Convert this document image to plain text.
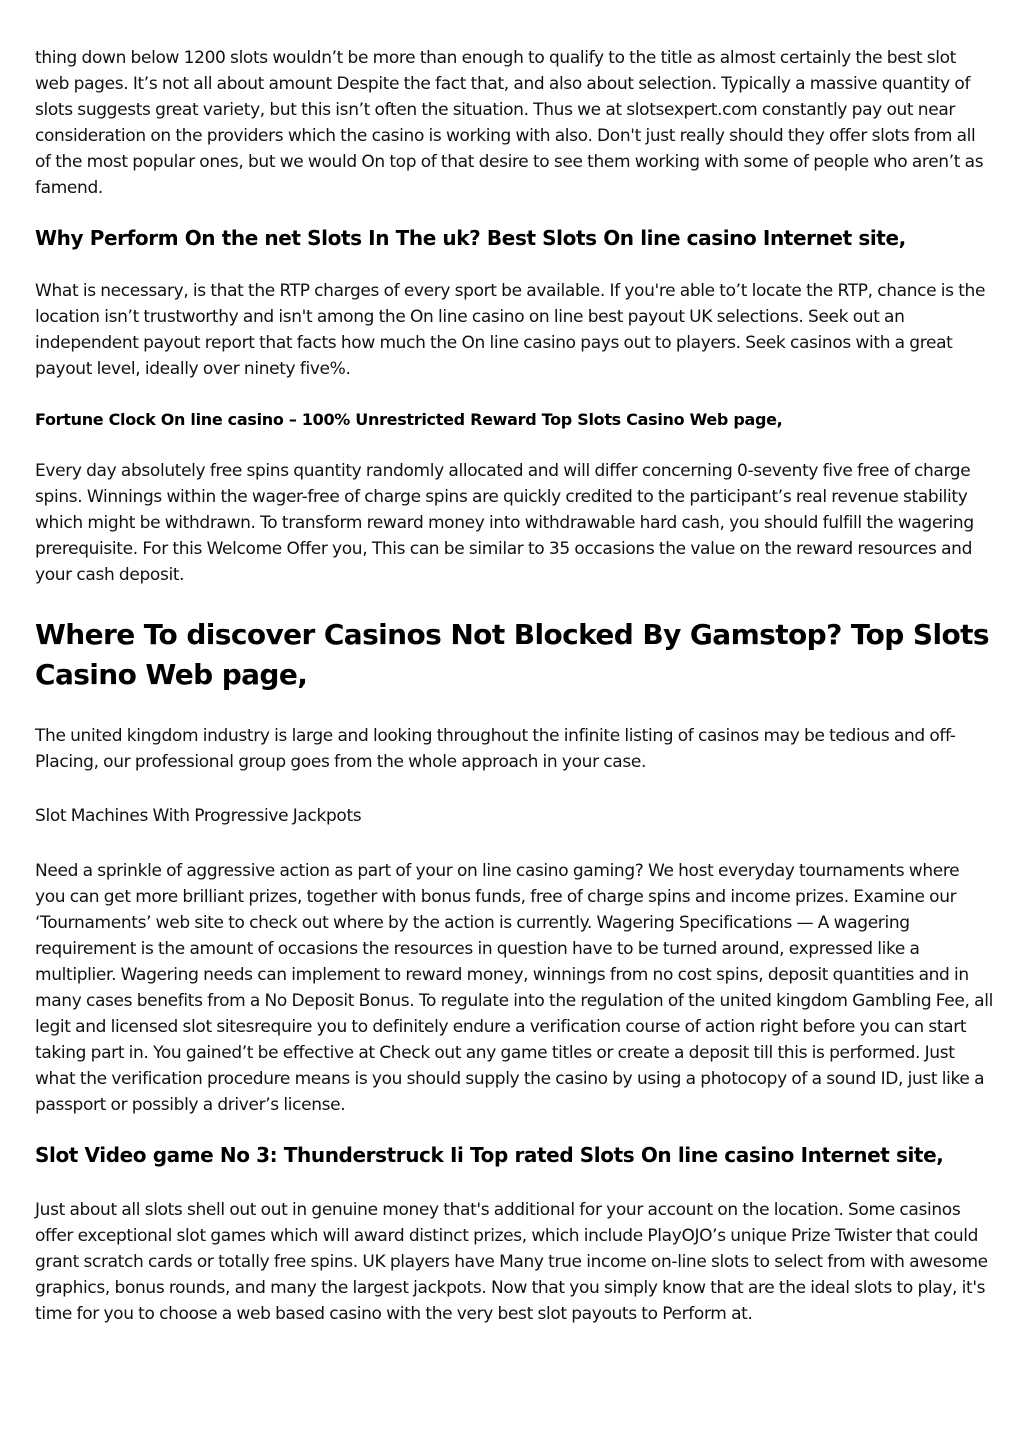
thing down below 1200 slots wouldn’t be more than enough to qualify to the title as almost certainly the best slot web pages. It’s not all about amount Despite the fact that, and also about selection. Typically a massive quantity of slots suggests great variety, but this isn’t often the situation. Thus we at slotsexpert.com constantly pay out near consideration on the providers which the casino is working with also. Don't just really should they offer slots from all of the most popular ones, but we would On top of that desire to see them working with some of people who aren’t as famend.

Why Perform On the net Slots In The uk? Best Slots On line casino Internet site,

What is necessary, is that the RTP charges of every sport be available. If you're able to’t locate the RTP, chance is the location isn’t trustworthy and isn't among the On line casino on line best payout UK selections. Seek out an independent payout report that facts how much the On line casino pays out to players. Seek casinos with a great payout level, ideally over ninety five%.

Fortune Clock On line casino – 100% Unrestricted Reward Top Slots Casino Web page,

Every day absolutely free spins quantity randomly allocated and will differ concerning 0-seventy five free of charge spins. Winnings within the wager-free of charge spins are quickly credited to the participant’s real revenue stability which might be withdrawn. To transform reward money into withdrawable hard cash, you should fulfill the wagering prerequisite. For this Welcome Offer you, This can be similar to 35 occasions the value on the reward resources and your cash deposit.

Where To discover Casinos Not Blocked By Gamstop? Top Slots Casino Web page,

The united kingdom industry is large and looking throughout the infinite listing of casinos may be tedious and off-Placing, our professional group goes from the whole approach in your case.

Slot Machines With Progressive Jackpots

Need a sprinkle of aggressive action as part of your on line casino gaming? We host everyday tournaments where you can get more brilliant prizes, together with bonus funds, free of charge spins and income prizes. Examine our ‘Tournaments’ web site to check out where by the action is currently. Wagering Specifications — A wagering requirement is the amount of occasions the resources in question have to be turned around, expressed like a multiplier. Wagering needs can implement to reward money, winnings from no cost spins, deposit quantities and in many cases benefits from a No Deposit Bonus. To regulate into the regulation of the united kingdom Gambling Fee, all legit and licensed slot sitesrequire you to definitely endure a verification course of action right before you can start taking part in. You gained’t be effective at Check out any game titles or create a deposit till this is performed. Just what the verification procedure means is you should supply the casino by using a photocopy of a sound ID, just like a passport or possibly a driver’s license.

Slot Video game No 3: Thunderstruck Ii Top rated Slots On line casino Internet site,

Just about all slots shell out out in genuine money that's additional for your account on the location. Some casinos offer exceptional slot games which will award distinct prizes, which include PlayOJO’s unique Prize Twister that could grant scratch cards or totally free spins. UK players have Many true income on-line slots to select from with awesome graphics, bonus rounds, and many the largest jackpots. Now that you simply know that are the ideal slots to play, it's time for you to choose a web based casino with the very best slot payouts to Perform at.
